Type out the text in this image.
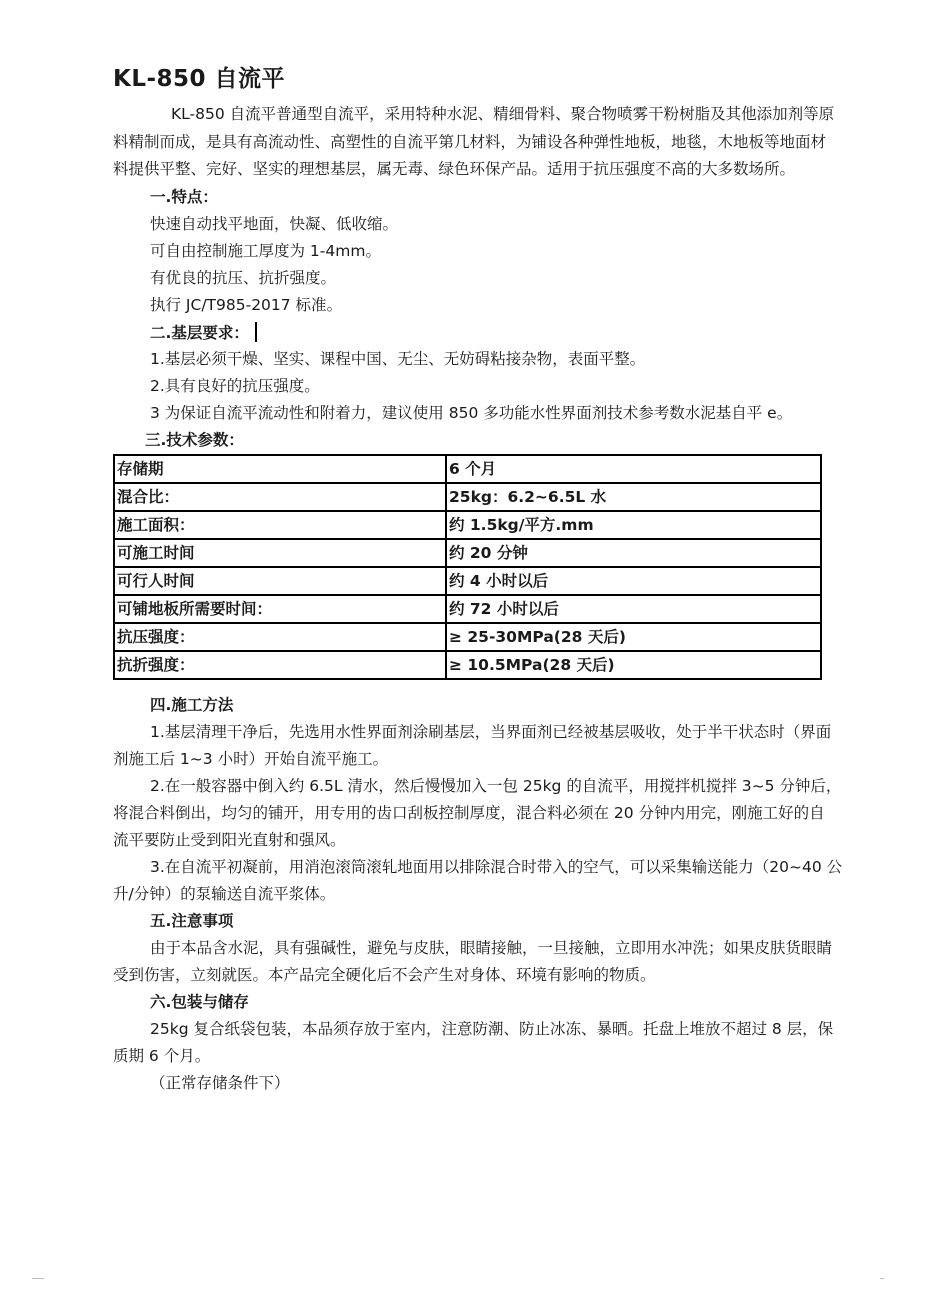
KL-850 自流平
KL-850 自流平普通型自流平，采用特种水泥、精细骨料、聚合物喷雾干粉树脂及其他添加剂等原
料精制而成，是具有高流动性、高塑性的自流平第几材料，为铺设各种弹性地板，地毯，木地板等地面材
料提供平整、完好、坚实的理想基层，属无毒、绿色环保产品。适用于抗压强度不高的大多数场所。
一.特点：
快速自动找平地面，快凝、低收缩。
可自由控制施工厚度为 1-4mm。
有优良的抗压、抗折强度。
执行 JC/T985-2017 标准。
二.基层要求：
1.基层必须干燥、坚实、课程中国、无尘、无妨碍粘接杂物，表面平整。
2.具有良好的抗压强度。
3 为保证自流平流动性和附着力，建议使用 850 多功能水性界面剂技术参考数水泥基自平 e。
三.技术参数：
存储期	6 个月
混合比：	25kg：6.2~6.5L 水
施工面积：	约 1.5kg/平方.mm
可施工时间	约 20 分钟
可行人时间	约 4 小时以后
可铺地板所需要时间：	约 72 小时以后
抗压强度：	≥ 25-30MPa(28 天后)
抗折强度：	≥ 10.5MPa(28 天后)
四.施工方法
1.基层清理干净后，先选用水性界面剂涂刷基层，当界面剂已经被基层吸收，处于半干状态时（界面
剂施工后 1~3 小时）开始自流平施工。
2.在一般容器中倒入约 6.5L 清水，然后慢慢加入一包 25kg 的自流平，用搅拌机搅拌 3~5 分钟后，
将混合料倒出，均匀的铺开，用专用的齿口刮板控制厚度，混合料必须在 20 分钟内用完，刚施工好的自
流平要防止受到阳光直射和强风。
3.在自流平初凝前，用消泡滚筒滚轧地面用以排除混合时带入的空气，可以采集输送能力（20~40 公
升/分钟）的泵输送自流平浆体。
五.注意事项
由于本品含水泥，具有强碱性，避免与皮肤，眼睛接触，一旦接触，立即用水冲洗；如果皮肤货眼睛
受到伤害，立刻就医。本产品完全硬化后不会产生对身体、环境有影响的物质。
六.包装与储存
25kg 复合纸袋包装，本品须存放于室内，注意防潮、防止冰冻、暴晒。托盘上堆放不超过 8 层，保
质期 6 个月。
（正常存储条件下）
